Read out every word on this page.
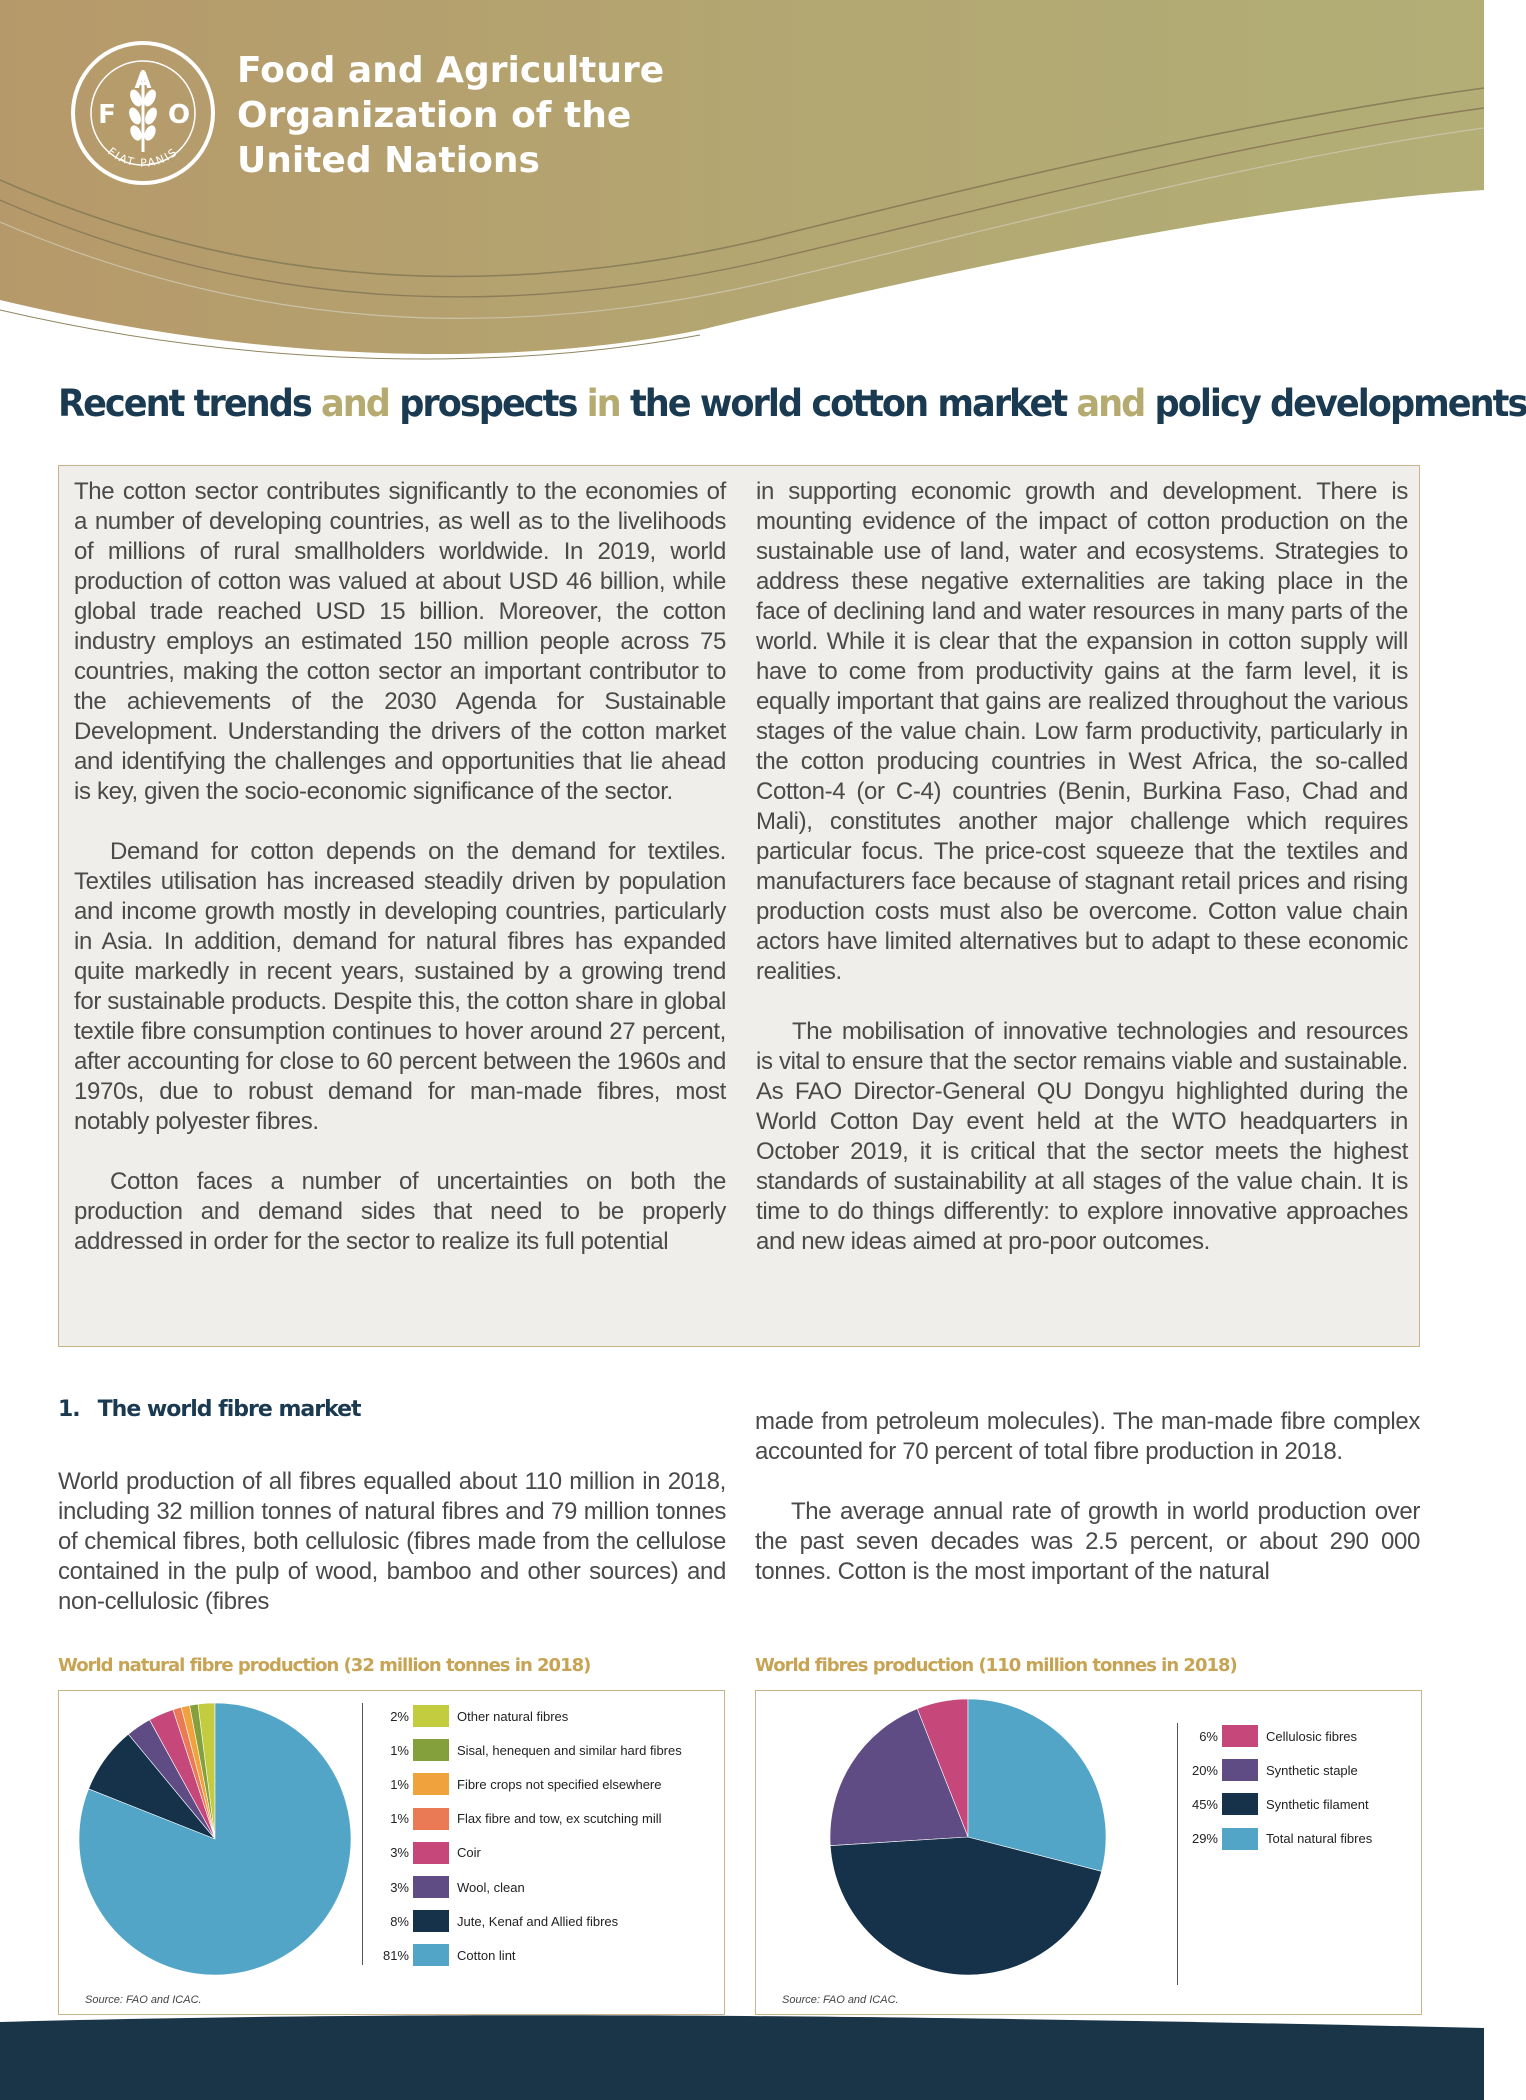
F
A
O
FIAT PANIS
Food and Agriculture
Organization of the
United Nations
Recent trends and prospects in the world cotton market and policy developments

The cotton sector contributes significantly to the economies of a number of developing countries, as well as to the livelihoods of millions of rural smallholders worldwide. In 2019, world production of cotton was valued at about USD 46 billion, while global trade reached USD 15 billion. Moreover, the cotton industry employs an estimated 150 million people across 75 countries, making the cotton sector an important contributor to the achievements of the 2030 Agenda for Sustainable Development. Understanding the drivers of the cotton market and identifying the challenges and opportunities that lie ahead is key, given the socio-economic significance of the sector.

Demand for cotton depends on the demand for textiles. Textiles utilisation has increased steadily driven by population and income growth mostly in developing countries, particularly in Asia. In addition, demand for natural fibres has expanded quite markedly in recent years, sustained by a growing trend for sustainable products. Despite this, the cotton share in global textile fibre consumption continues to hover around 27 percent, after accounting for close to 60 percent between the 1960s and 1970s, due to robust demand for man-made fibres, most notably polyester fibres.

Cotton faces a number of uncertainties on both the production and demand sides that need to be properly addressed in order for the sector to realize its full potential

in supporting economic growth and development. There is mounting evidence of the impact of cotton production on the sustainable use of land, water and ecosystems. Strategies to address these negative externalities are taking place in the face of declining land and water resources in many parts of the world. While it is clear that the expansion in cotton supply will have to come from productivity gains at the farm level, it is equally important that gains are realized throughout the various stages of the value chain. Low farm productivity, particularly in the cotton producing countries in West Africa, the so-called Cotton-4 (or C-4) countries (Benin, Burkina Faso, Chad and Mali), constitutes another major challenge which requires particular focus. The price-cost squeeze that the textiles and manufacturers face because of stagnant retail prices and rising production costs must also be overcome. Cotton value chain actors have limited alternatives but to adapt to these economic realities.

The mobilisation of innovative technologies and resources is vital to ensure that the sector remains viable and sustainable. As FAO Director-General QU Dongyu highlighted during the World Cotton Day event held at the WTO headquarters in October 2019, it is critical that the sector meets the highest standards of sustainability at all stages of the value chain. It is time to do things differently: to explore innovative approaches and new ideas aimed at pro-poor outcomes.

1. The world fibre market

World production of all fibres equalled about 110 million in 2018, including 32 million tonnes of natural fibres and 79 million tonnes of chemical fibres, both cellulosic (fibres made from the cellulose contained in the pulp of wood, bamboo and other sources) and non-cellulosic (fibres

made from petroleum molecules). The man-made fibre complex accounted for 70 percent of total fibre production in 2018.

The average annual rate of growth in world production over the past seven decades was 2.5 percent, or about 290 000 tonnes. Cotton is the most important of the natural

World natural fibre production (32 million tonnes in 2018)
2%	Other natural fibres
1%	Sisal, henequen and similar hard fibres
1%	Fibre crops not specified elsewhere
1%	Flax fibre and tow, ex scutching mill
3%	Coir
3%	Wool, clean
8%	Jute, Kenaf and Allied fibres
81%	Cotton lint
Source: FAO and ICAC.
World fibres production (110 million tonnes in 2018)
6%	Cellulosic fibres
20%	Synthetic staple
45%	Synthetic filament
29%	Total natural fibres
Source: FAO and ICAC.
